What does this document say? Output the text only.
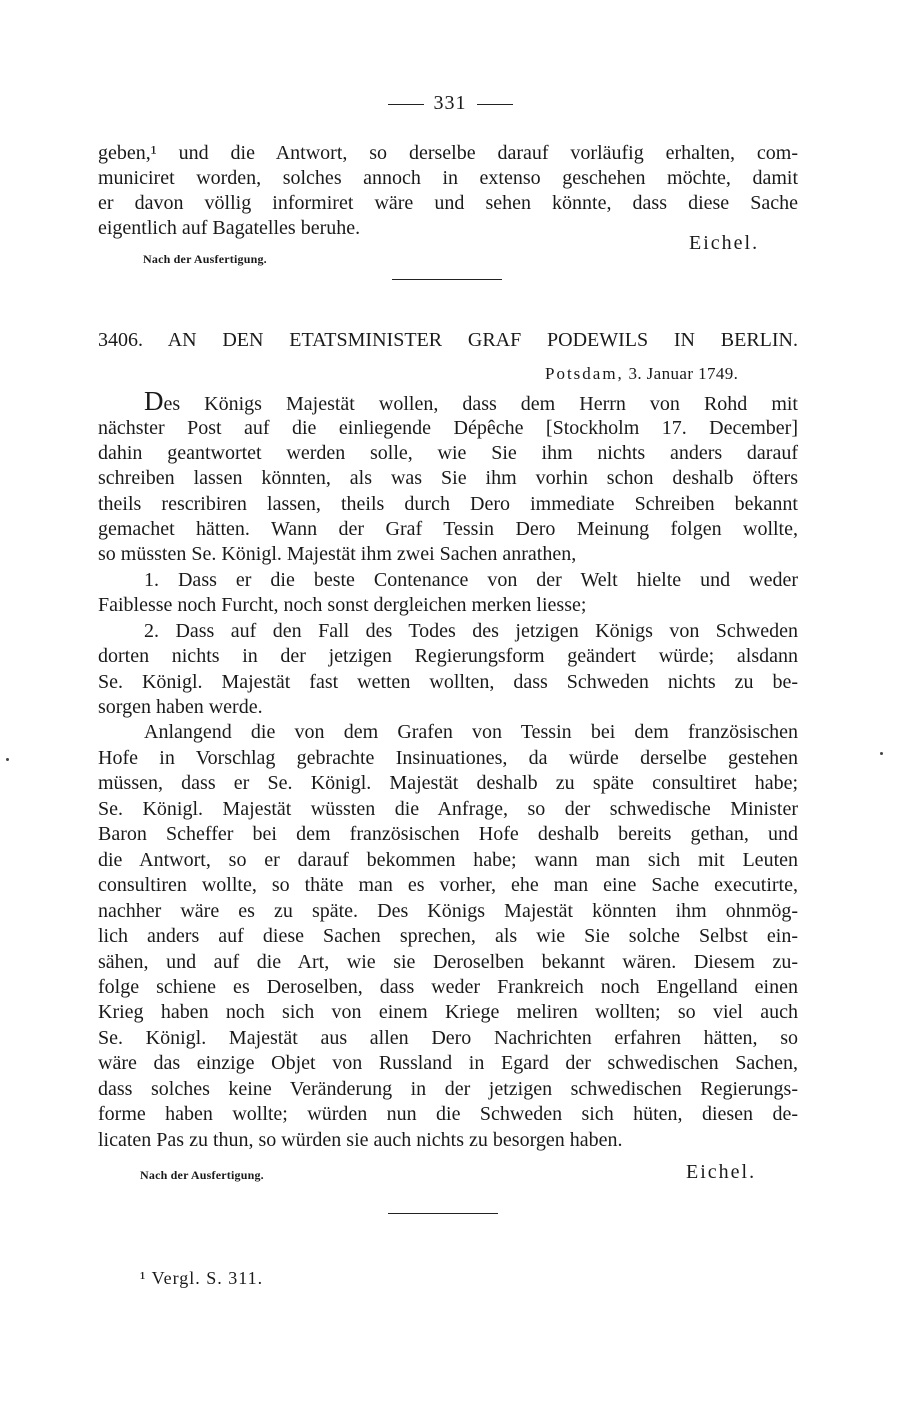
331
geben,¹ und die Antwort, so derselbe darauf vorläufig erhalten, com-
municiret worden, solches annoch in extenso geschehen möchte, damit
er davon völlig informiret wäre und sehen könnte, dass diese Sache
eigentlich auf Bagatelles beruhe.
Nach der Ausfertigung.
Eichel.
3406. AN DEN ETATSMINISTER GRAF PODEWILS IN BERLIN.
Potsdam, 3. Januar 1749.
Des Königs Majestät wollen, dass dem Herrn von Rohd mit
nächster Post auf die einliegende Dépêche [Stockholm 17. December]
dahin geantwortet werden solle, wie Sie ihm nichts anders darauf
schreiben lassen könnten, als was Sie ihm vorhin schon deshalb öfters
theils rescribiren lassen, theils durch Dero immediate Schreiben bekannt
gemachet hätten. Wann der Graf Tessin Dero Meinung folgen wollte,
so müssten Se. Königl. Majestät ihm zwei Sachen anrathen,
1. Dass er die beste Contenance von der Welt hielte und weder
Faiblesse noch Furcht, noch sonst dergleichen merken liesse;
2. Dass auf den Fall des Todes des jetzigen Königs von Schweden
dorten nichts in der jetzigen Regierungsform geändert würde; alsdann
Se. Königl. Majestät fast wetten wollten, dass Schweden nichts zu be-
sorgen haben werde.
Anlangend die von dem Grafen von Tessin bei dem französischen
Hofe in Vorschlag gebrachte Insinuationes, da würde derselbe gestehen
müssen, dass er Se. Königl. Majestät deshalb zu späte consultiret habe;
Se. Königl. Majestät wüssten die Anfrage, so der schwedische Minister
Baron Scheffer bei dem französischen Hofe deshalb bereits gethan, und
die Antwort, so er darauf bekommen habe; wann man sich mit Leuten
consultiren wollte, so thäte man es vorher, ehe man eine Sache executirte,
nachher wäre es zu späte. Des Königs Majestät könnten ihm ohnmög-
lich anders auf diese Sachen sprechen, als wie Sie solche Selbst ein-
sähen, und auf die Art, wie sie Deroselben bekannt wären. Diesem zu-
folge schiene es Deroselben, dass weder Frankreich noch Engelland einen
Krieg haben noch sich von einem Kriege meliren wollten; so viel auch
Se. Königl. Majestät aus allen Dero Nachrichten erfahren hätten, so
wäre das einzige Objet von Russland in Egard der schwedischen Sachen,
dass solches keine Veränderung in der jetzigen schwedischen Regierungs-
forme haben wollte; würden nun die Schweden sich hüten, diesen de-
licaten Pas zu thun, so würden sie auch nichts zu besorgen haben.
Nach der Ausfertigung.	Eichel.
¹ Vergl. S. 311.
